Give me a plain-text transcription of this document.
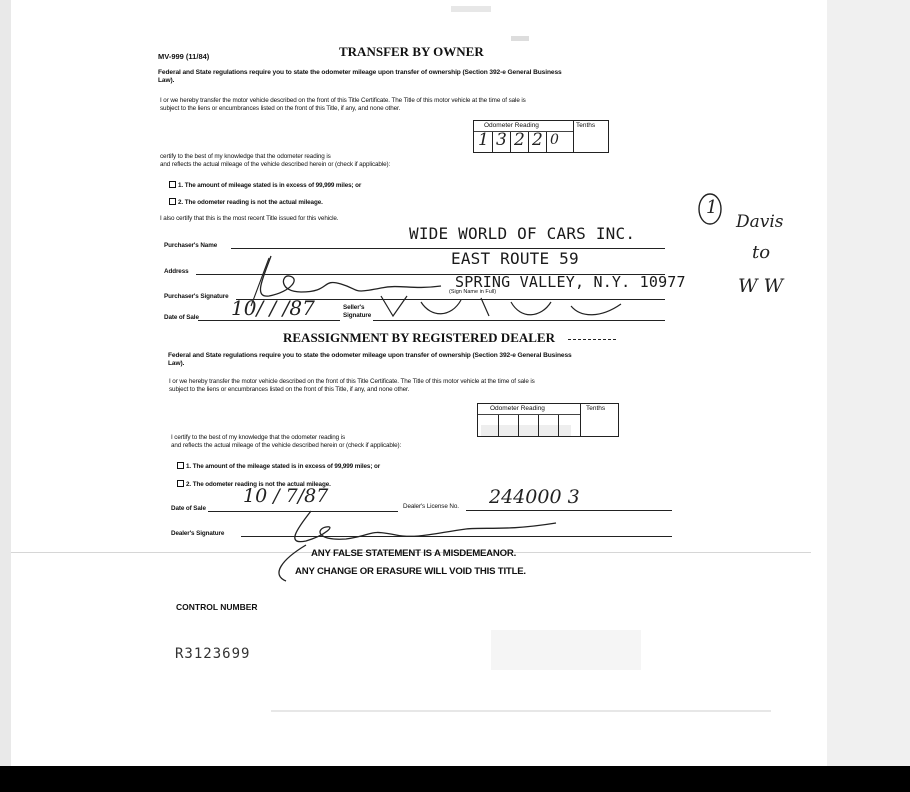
MV-999 (11/84)	TRANSFER BY OWNER
Federal and State regulations require you to state the odometer mileage upon transfer of ownership (Section 392-e General Business
Law).
I or we hereby transfer the motor vehicle described on the front of this Title Certificate. The Title of this motor vehicle at the time of sale is
subject to the liens or encumbrances listed on the front of this Title, if any, and none other.
Odometer Reading	Tenths
1 3 2 2 0
certify to the best of my knowledge that the odometer reading is
and reflects the actual mileage of the vehicle described herein or (check if applicable):
1. The amount of mileage stated is in excess of 99,999 miles; or
2. The odometer reading is not the actual mileage.
I also certify that this is the most recent Title issued for this vehicle.
Purchaser's Name
WIDE WORLD OF CARS INC.
Address
EAST ROUTE 59
SPRING VALLEY, N.Y. 10977
Purchaser's Signature
(Sign Name in Full)
Date of Sale 10/ / /87	Seller's
Signature
REASSIGNMENT BY REGISTERED DEALER
Federal and State regulations require you to state the odometer mileage upon transfer of ownership (Section 392-e General Business
Law).
I or we hereby transfer the motor vehicle described on the front of this Title Certificate. The Title of this motor vehicle at the time of sale is
subject to the liens or encumbrances listed on the front of this Title, if any, and none other.
Odometer Reading	Tenths
I certify to the best of my knowledge that the odometer reading is
and reflects the actual mileage of the vehicle described herein or (check if applicable):
1. The amount of the mileage stated is in excess of 99,999 miles; or
2. The odometer reading is not the actual mileage.
Date of Sale
10 / 7/87	Dealer's License No. 244000 3
Dealer's Signature
ANY FALSE STATEMENT IS A MISDEMEANOR.
ANY CHANGE OR ERASURE WILL VOID THIS TITLE.
CONTROL NUMBER
R3123699
1
Davis
to
W W
